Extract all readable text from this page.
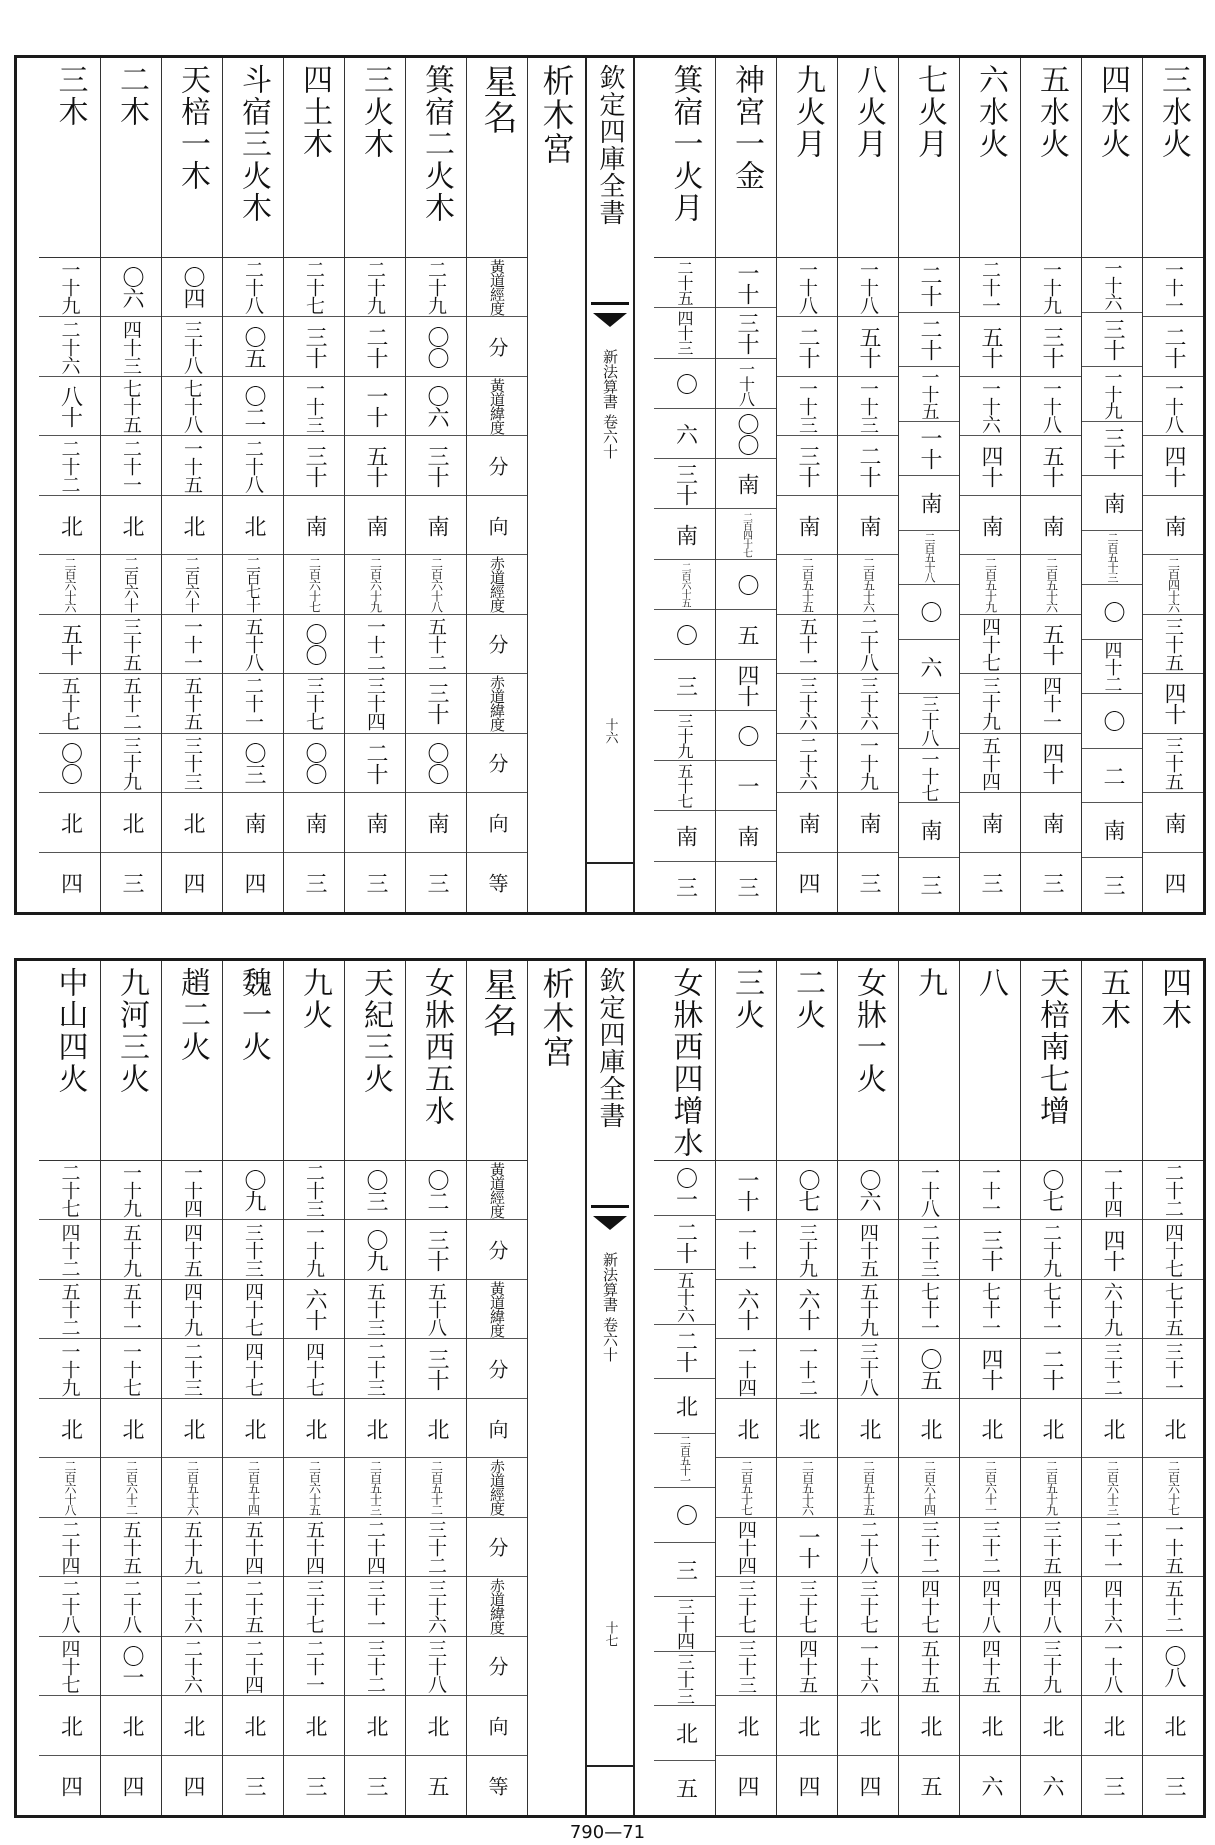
三水火
一十一
二十
一十八
四十
南
二百四十六
三十五
四十
三十五
南
四
四水火
一十六
三十
一十九
三十
南
二百五十三
〇
四十二
〇
二
南
三
五水火
一十九
三十
一十八
五十
南
二百五十六
五十
四十一
四十
南
三
六水火
二十一
五十
一十六
四十
南
二百五十九
四十七
三十九
五十四
南
三
七火月
二十
二十
一十五
一十
南
二百五十八
〇
六
三十八
一十七
南
三
八火月
一十八
五十
一十三
二十
南
二百五十六
二十八
三十六
一十九
南
三
九火月
一十八
二十
一十三
三十
南
二百五十五
五十一
三十六
二十六
南
四
神宮一金
一十
三十
一十八
〇〇
南
二百四十七
〇
五
四十
〇
一
南
三
箕宿一火月
二十五
四十三
〇
六
三十
南
二百六十五
〇
三
三十九
五十七
南
三
欽定四庫全書
新法算書 卷六十
十六
析木宮
星名
黃道經度
分
黃道緯度
分
向
赤道經度
分
赤道緯度
分
向
等
箕宿二火木
二十九
〇〇
〇六
三十
南
二百六十八
五十二
三十
〇〇
南
三
三火木
二十九
二十
一十
五十
南
二百六十九
一十二
三十四
二十
南
三
四土木
二十七
三十
一十三
三十
南
二百六十七
〇〇
三十七
〇〇
南
三
斗宿三火木
二十八
〇五
〇二
二十八
北
二百七十
五十八
二十一
〇三
南
四
天棓一木
〇四
三十八
七十八
一十五
北
二百六十
一十一
五十五
三十三
北
四
二木
〇六
四十三
七十五
二十一
北
二百六十
三十五
五十二
三十九
北
三
三木
一十九
二十六
八十
二十二
北
二百六十六
五十
五十七
〇〇
北
四
四木
二十二
四十七
七十五
三十一
北
二百六十七
一十五
五十二
〇八
北
三
五木
一十四
四十
六十九
三十二
北
二百六十三
二十一
四十六
一十八
北
三
天棓南七增
〇七
二十九
七十一
二十
北
二百五十九
三十五
四十八
三十九
北
六
八
一十一
三十
七十一
四十
北
二百六十一
三十二
四十八
四十五
北
六
九
一十八
二十三
七十一
〇五
北
二百六十四
三十二
四十七
五十五
北
五
女牀一火
〇六
四十五
五十九
三十八
北
二百五十五
二十八
三十七
一十六
北
四
二火
〇七
三十九
六十
一十二
北
二百五十六
一十
三十七
四十五
北
四
三火
一十
一十一
六十
一十四
北
二百五十七
四十四
三十七
三十三
北
四
女牀西四增水
〇一
二十
五十六
二十
北
二百五十一
〇
三
三十四
三十三
北
五
欽定四庫全書
新法算書 卷六十
十七
析木宮
星名
黃道經度
分
黃道緯度
分
向
赤道經度
分
赤道緯度
分
向
等
女牀西五水
〇二
三十
五十八
三十
北
二百五十二
三十二
三十六
三十八
北
五
天紀三火
〇三
〇九
五十三
二十三
北
二百五十三
二十四
三十一
三十二
北
三
九火
二十三
一十九
六十
四十七
北
二百六十五
五十四
三十七
二十一
北
三
魏一火
〇九
三十三
四十七
四十七
北
二百五十四
五十四
二十五
二十四
北
三
趙二火
一十四
四十五
四十九
二十三
北
二百五十六
五十九
二十六
二十六
北
四
九河三火
一十九
五十九
五十一
一十七
北
二百六十二
五十五
二十八
〇一
北
四
中山四火
二十七
四十二
五十二
一十九
北
二百六十八
二十四
二十八
四十七
北
四
790—71
